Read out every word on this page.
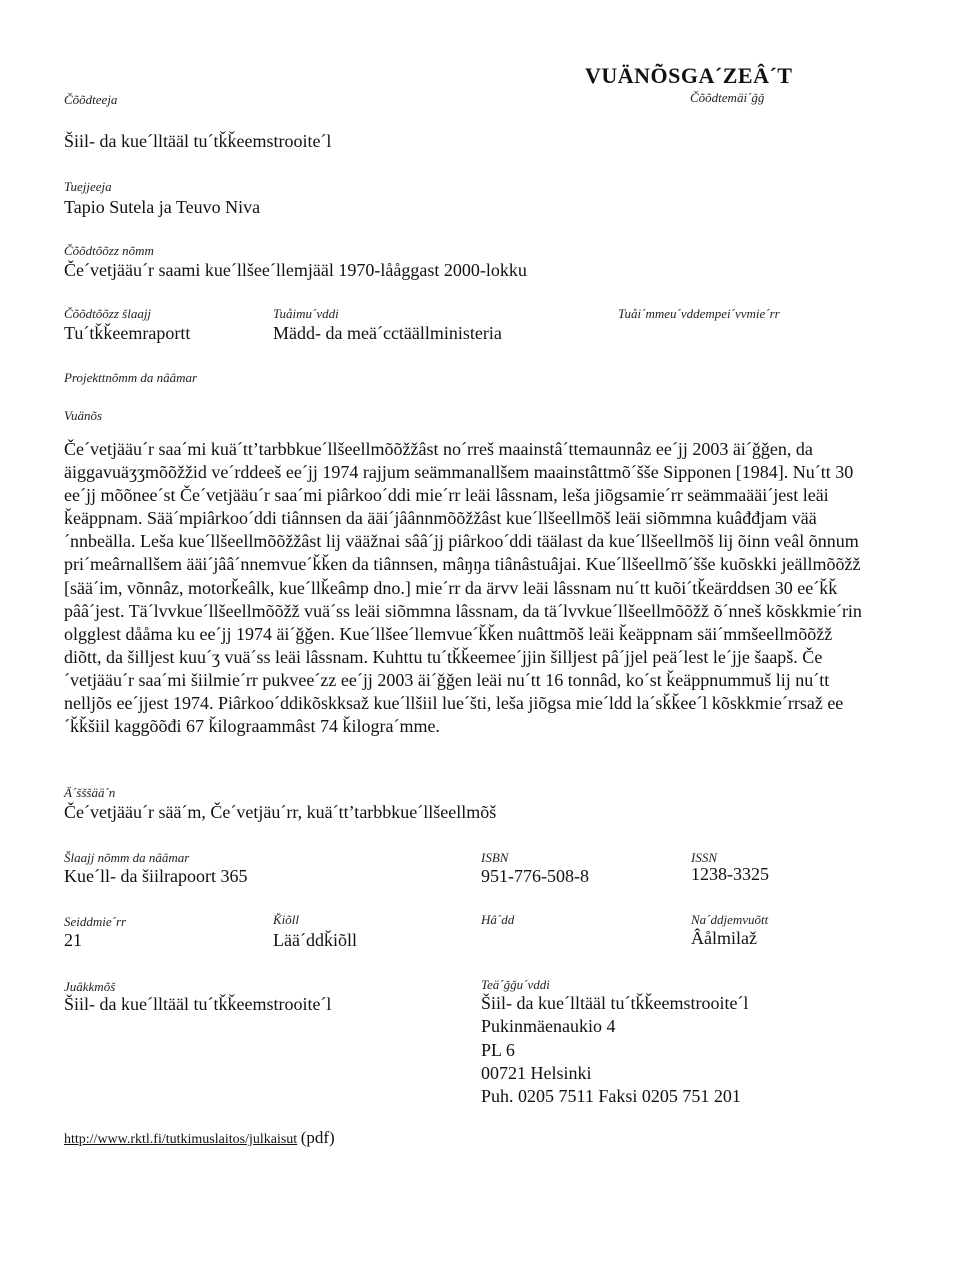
VUÄNÕSGA´ZEÂ´T
Čõõdtemäi´ǧǧ
Čõõdteeja
Šiil- da kue´lltääl tu´tǩǩeemstrooite´l
Tuejjeeja
Tapio Sutela ja Teuvo Niva
Čõõdtõõzz nõmm
Če´vetjääu´r saami kue´llšee´llemjääl 1970-lååggast 2000-lokku
Čõõdtõõzz šlaajj
Tu´tǩǩeemraportt
Tuåimu´vddi
Mädd- da meä´cctäällministeria
Tuåi´mmeu´vddempei´vvmie´rr
Projekttnõmm da nââmar
Vuänõs

Če´vetjääu´r saa´mi kuä´tt’tarbbkue´llšeellmõõžžâst no´rreš maainstâ´ttemaunnâz ee´jj 2003 äi´ǧǧen, da äiggavuäʒʒmõõžžid ve´rddeeš ee´jj 1974 rajjum seämmanallšem maainstâttmõ´šše Sipponen [1984]. Nu´tt 30 ee´jj mõõnee´st Če´vetjääu´r saa´mi piârkoo´ddi mie´rr leäi lâssnam, leša jiõgsamie´rr seämmaääi´jest leäi ǩeäppnam. Sää´mpiârkoo´ddi tiânnsen da ääi´jâânnmõõžžâst kue´llšeellmõš leäi siõmmna kuâđđjam vää´nnbeälla. Leša kue´llšeellmõõžžâst lij vääžnai sââ´jj piârkoo´ddi täälast da kue´llšeellmõš lij õinn veâl õnnum pri´meârnallšem ääi´jââ´nnemvue´ǩǩen da tiânnsen, mâŋŋa tiânâstuâjai. Kue´llšeellmõ´šše kuõskki jeällmõõžž [sää´im, võnnâz, motorǩeâlk, kue´llǩeâmp dno.] mie´rr da ärvv leäi lâssnam nu´tt kuõi´tǩeärddsen 30 ee´ǩǩ pââ´jest. Tä´lvvkue´llšeellmõõžž vuä´ss leäi siõmmna lâssnam, da tä´lvvkue´llšeellmõõžž õ´nneš kõskkmie´rin olgglest dååma ku ee´jj 1974 äi´ǧǧen. Kue´llšee´llemvue´ǩǩen nuâttmõš leäi ǩeäppnam säi´mmšeellmõõžž diõtt, da šilljest kuu´ʒ vuä´ss leäi lâssnam. Kuhttu tu´tǩǩeemee´jjin šilljest pâ´jjel peä´lest le´jje šaapš. Če´vetjääu´r saa´mi šiilmie´rr pukvee´zz ee´jj 2003 äi´ǧǧen leäi nu´tt 16 tonnâd, ko´st ǩeäppnummuš lij nu´tt nelljõs ee´jjest 1974. Piârkoo´ddikõskksaž kue´llšiil lue´šti, leša jiõgsa mie´ldd la´sǩǩee´l kõskkmie´rrsaž ee´ǩǩšiil kaggõõđi 67 ǩilograammâst 74 ǩilogra´mme.

Ä´šššää´n
Če´vetjääu´r sää´m, Če´vetjäu´rr, kuä´tt’tarbbkue´llšeellmõš
Šlaajj nõmm da nââmar
Kue´ll- da šiilrapoort 365
ISBN
951-776-508-8
ISSN
1238-3325
Seiddmie´rr
21
Ǩiõll
Lää´ddǩiõll
Hâ´dd	Na´ddjemvuõtt
Âålmilaž
Juâkkmõš
Šiil- da kue´lltääl tu´tǩǩeemstrooite´l
Teä´ǧǧu´vddi
Šiil- da kue´lltääl tu´tǩǩeemstrooite´l
Pukinmäenaukio 4
PL 6
00721 Helsinki
Puh. 0205 7511 Faksi 0205 751 201
http://www.rktl.fi/tutkimuslaitos/julkaisut (pdf)
